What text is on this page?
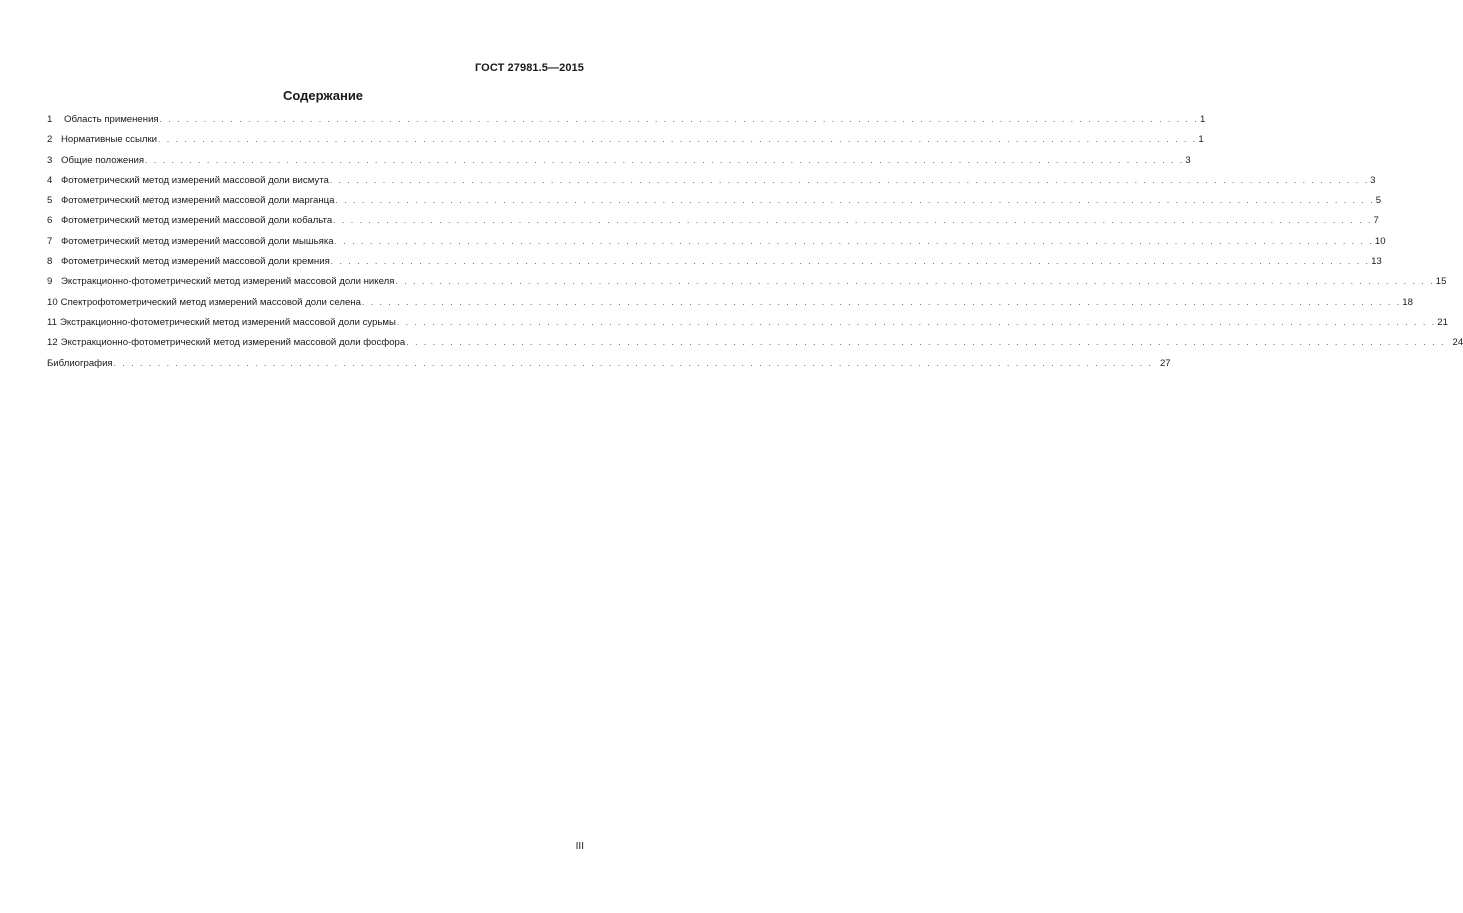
ГОСТ 27981.5—2015
Содержание
1	Область применения . . .	1
2 Нормативные ссылки . . .	1
3 Общие положения . . .	3
4 Фотометрический метод измерений массовой доли висмута . . .	3
5 Фотометрический метод измерений массовой доли марганца . . .	5
6 Фотометрический метод измерений массовой доли кобальта . . .	7
7 Фотометрический метод измерений массовой доли мышьяка . . .	10
8 Фотометрический метод измерений массовой доли кремния . . .	13
9 Экстракционно-фотометрический метод измерений массовой доли никеля . . .	15
10 Спектрофотометрический метод измерений массовой доли селена . . .	18
11 Экстракционно-фотометрический метод измерений массовой доли сурьмы . . .	21
12 Экстракционно-фотометрический метод измерений массовой доли фосфора . . .	24
Библиография . . .	27
III
